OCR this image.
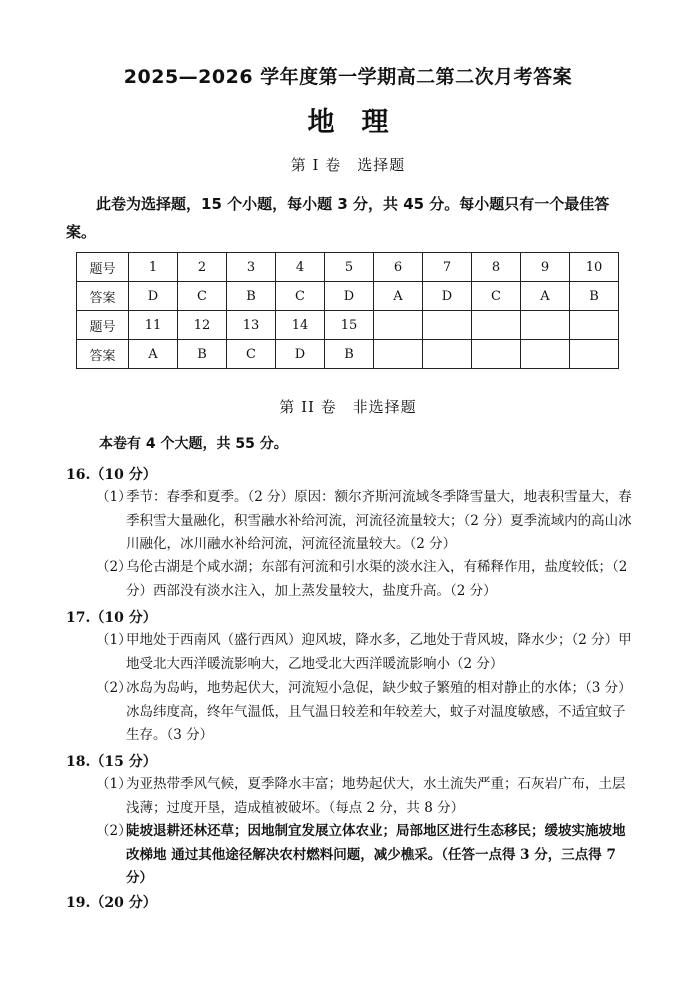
2025—2026 学年度第一学期高二第二次月考答案
地　理
第 I 卷　选择题
此卷为选择题，15 个小题，每小题 3 分，共 45 分。每小题只有一个最佳答案。
题号	1	2	3	4	5	6	7	8	9	10
答案	D	C	B	C	D	A	D	C	A	B
题号	11	12	13	14	15					
答案	A	B	C	D	B					
第 II 卷　非选择题
本卷有 4 个大题，共 55 分。
16.（10 分）
（1）
季节：春季和夏季。（2 分）原因：额尔齐斯河流域冬季降雪量大，地表积雪量大，春季积雪大量融化，积雪融水补给河流，河流径流量较大；（2 分）夏季流域内的高山冰川融化，冰川融水补给河流，河流径流量较大。（2 分）
（2）
乌伦古湖是个咸水湖；东部有河流和引水渠的淡水注入，有稀释作用，盐度较低；（2 分）西部没有淡水注入，加上蒸发量较大，盐度升高。（2 分）
17.（10 分）
（1）
甲地处于西南风（盛行西风）迎风坡，降水多，乙地处于背风坡，降水少；（2 分）甲地受北大西洋暖流影响大，乙地受北大西洋暖流影响小（2 分）
（2）
冰岛为岛屿，地势起伏大，河流短小急促，缺少蚊子繁殖的相对静止的水体；（3 分）冰岛纬度高，终年气温低，且气温日较差和年较差大，蚊子对温度敏感，不适宜蚊子生存。（3 分）
18.（15 分）
（1）
为亚热带季风气候，夏季降水丰富；地势起伏大，水土流失严重；石灰岩广布，土层浅薄；过度开垦，造成植被破坏。（每点 2 分，共 8 分）
（2）
陡坡退耕还林还草；因地制宜发展立体农业；局部地区进行生态移民；缓坡实施坡地改梯地 通过其他途径解决农村燃料问题，减少樵采。（任答一点得 3 分，三点得 7 分）
19.（20 分）
